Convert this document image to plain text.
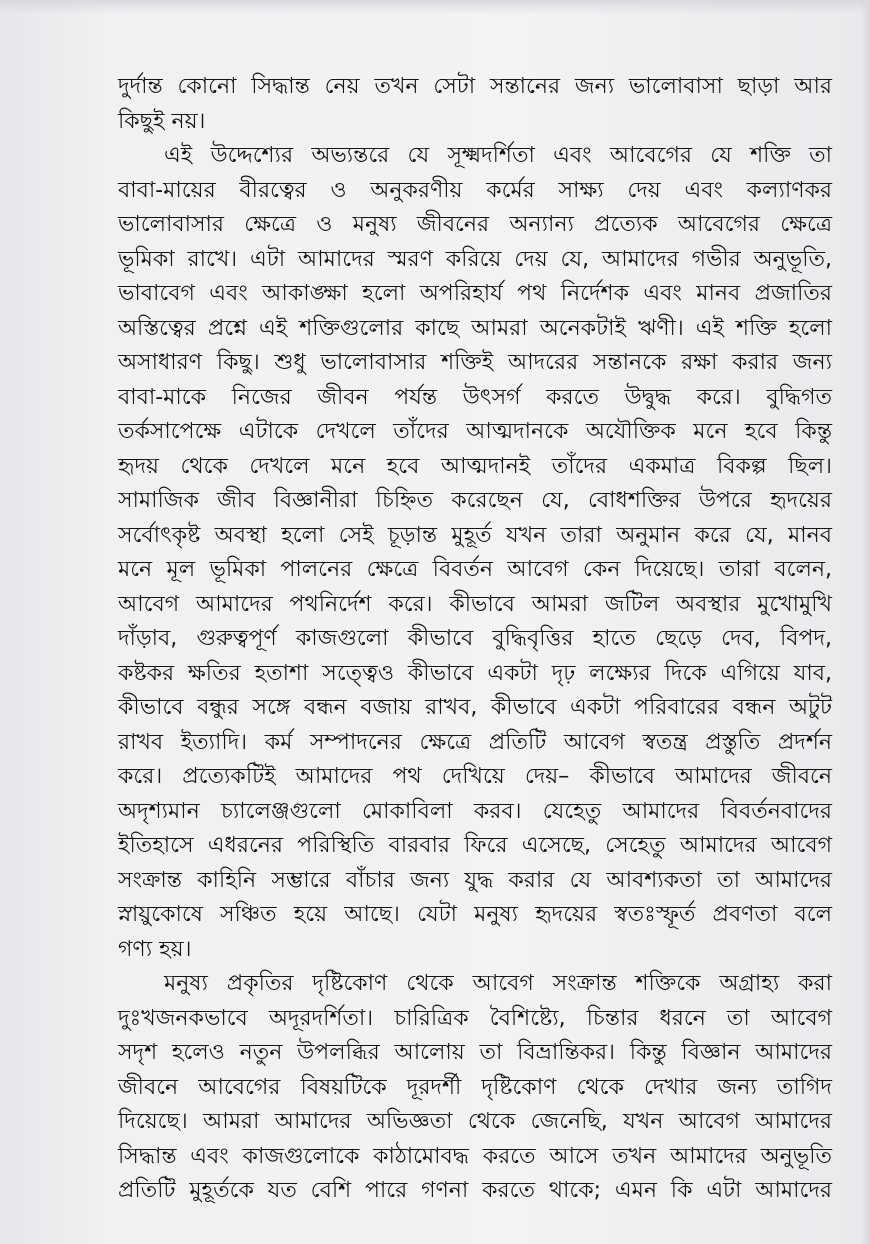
দুর্দান্ত কোনো সিদ্ধান্ত নেয় তখন সেটা সন্তানের জন্য ভালোবাসা ছাড়া আর
কিছুই নয়।
এই উদ্দেশ্যের অভ্যন্তরে যে সূক্ষ্মদর্শিতা এবং আবেগের যে শক্তি তা
বাবা-মায়ের বীরত্বের ও অনুকরণীয় কর্মের সাক্ষ্য দেয় এবং কল্যাণকর
ভালোবাসার ক্ষেত্রে ও মনুষ্য জীবনের অন্যান্য প্রত্যেক আবেগের ক্ষেত্রে
ভূমিকা রাখে। এটা আমাদের স্মরণ করিয়ে দেয় যে, আমাদের গভীর অনুভূতি,
ভাবাবেগ এবং আকাঙ্ক্ষা হলো অপরিহার্য পথ নির্দেশক এবং মানব প্রজাতির
অস্তিত্বের প্রশ্নে এই শক্তিগুলোর কাছে আমরা অনেকটাই ঋণী। এই শক্তি হলো
অসাধারণ কিছু। শুধু ভালোবাসার শক্তিই আদরের সন্তানকে রক্ষা করার জন্য
বাবা-মাকে নিজের জীবন পর্যন্ত উৎসর্গ করতে উদ্বুদ্ধ করে। বুদ্ধিগত
তর্কসাপেক্ষে এটাকে দেখলে তাঁদের আত্মদানকে অযৌক্তিক মনে হবে কিন্তু
হৃদয় থেকে দেখলে মনে হবে আত্মদানই তাঁদের একমাত্র বিকল্প ছিল।
সামাজিক জীব বিজ্ঞানীরা চিহ্নিত করেছেন যে, বোধশক্তির উপরে হৃদয়ের
সর্বোৎকৃষ্ট অবস্থা হলো সেই চূড়ান্ত মুহূর্ত যখন তারা অনুমান করে যে, মানব
মনে মূল ভূমিকা পালনের ক্ষেত্রে বিবর্তন আবেগ কেন দিয়েছে। তারা বলেন,
আবেগ আমাদের পথনির্দেশ করে। কীভাবে আমরা জটিল অবস্থার মুখোমুখি
দাঁড়াব, গুরুত্বপূর্ণ কাজগুলো কীভাবে বুদ্ধিবৃত্তির হাতে ছেড়ে দেব, বিপদ,
কষ্টকর ক্ষতির হতাশা সত্ত্বেও কীভাবে একটা দৃঢ় লক্ষ্যের দিকে এগিয়ে যাব,
কীভাবে বন্ধুর সঙ্গে বন্ধন বজায় রাখব, কীভাবে একটা পরিবারের বন্ধন অটুট
রাখব ইত্যাদি। কর্ম সম্পাদনের ক্ষেত্রে প্রতিটি আবেগ স্বতন্ত্র প্রস্তুতি প্রদর্শন
করে। প্রত্যেকটিই আমাদের পথ দেখিয়ে দেয়– কীভাবে আমাদের জীবনে
অদৃশ্যমান চ্যালেঞ্জগুলো মোকাবিলা করব। যেহেতু আমাদের বিবর্তনবাদের
ইতিহাসে এধরনের পরিস্থিতি বারবার ফিরে এসেছে, সেহেতু আমাদের আবেগ
সংক্রান্ত কাহিনি সম্ভারে বাঁচার জন্য যুদ্ধ করার যে আবশ্যকতা তা আমাদের
স্নায়ুকোষে সঞ্চিত হয়ে আছে। যেটা মনুষ্য হৃদয়ের স্বতঃস্ফূর্ত প্রবণতা বলে
গণ্য হয়।
মনুষ্য প্রকৃতির দৃষ্টিকোণ থেকে আবেগ সংক্রান্ত শক্তিকে অগ্রাহ্য করা
দুঃখজনকভাবে অদূরদর্শিতা। চারিত্রিক বৈশিষ্ট্যে, চিন্তার ধরনে তা আবেগ
সদৃশ হলেও নতুন উপলব্ধির আলোয় তা বিভ্রান্তিকর। কিন্তু বিজ্ঞান আমাদের
জীবনে আবেগের বিষয়টিকে দূরদর্শী দৃষ্টিকোণ থেকে দেখার জন্য তাগিদ
দিয়েছে। আমরা আমাদের অভিজ্ঞতা থেকে জেনেছি, যখন আবেগ আমাদের
সিদ্ধান্ত এবং কাজগুলোকে কাঠামোবদ্ধ করতে আসে তখন আমাদের অনুভূতি
প্রতিটি মুহূর্তকে যত বেশি পারে গণনা করতে থাকে; এমন কি এটা আমাদের
